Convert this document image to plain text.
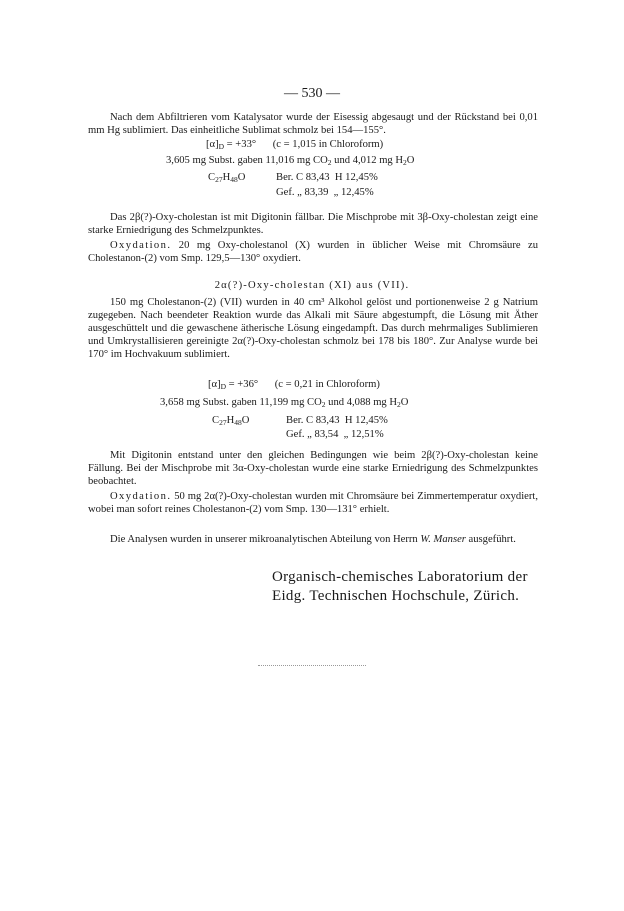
— 530 —

Nach dem Abfiltrieren vom Katalysator wurde der Eisessig abgesaugt und der Rückstand bei 0,01 mm Hg sublimiert. Das einheitliche Sublimat schmolz bei 154—155°.

$[\alpha]_D = +33^\circ$ (c = 1,015 in Chloroform)
3,605 mg Subst. gaben 11,016 mg $CO_2$ und 4,012 mg $H_2O$
$C_{27}H_{48}O$	Ber. C 83,43  H 12,45%
Gef. „ 83,39  „ 12,45%

Das 2β(?)-Oxy-cholestan ist mit Digitonin fällbar. Die Mischprobe mit 3β-Oxy-cholestan zeigt eine starke Erniedrigung des Schmelzpunktes.

Oxydation. 20 mg Oxy-cholestanol (X) wurden in üblicher Weise mit Chromsäure zu Cholestanon-(2) vom Smp. 129,5—130° oxydiert.

2α(?)-Oxy-cholestan (XI) aus (VII).

150 mg Cholestanon-(2) (VII) wurden in 40 cm³ Alkohol gelöst und portionenweise 2 g Natrium zugegeben. Nach beendeter Reaktion wurde das Alkali mit Säure abgestumpft, die Lösung mit Äther ausgeschüttelt und die gewaschene ätherische Lösung eingedampft. Das durch mehrmaliges Sublimieren und Umkrystallisieren gereinigte 2α(?)-Oxy-cholestan schmolz bei 178 bis 180°. Zur Analyse wurde bei 170° im Hochvakuum sublimiert.

$[\alpha]_D = +36^\circ$ (c = 0,21 in Chloroform)
3,658 mg Subst. gaben 11,199 mg $CO_2$ und 4,088 mg $H_2O$
$C_{27}H_{48}O$	Ber. C 83,43  H 12,45%
Gef. „ 83,54  „ 12,51%

Mit Digitonin entstand unter den gleichen Bedingungen wie beim 2β(?)-Oxy-cholestan keine Fällung. Bei der Mischprobe mit 3α-Oxy-cholestan wurde eine starke Erniedrigung des Schmelzpunktes beobachtet.

Oxydation. 50 mg 2α(?)-Oxy-cholestan wurden mit Chromsäure bei Zimmertemperatur oxydiert, wobei man sofort reines Cholestanon-(2) vom Smp. 130—131° erhielt.

Die Analysen wurden in unserer mikroanalytischen Abteilung von Herrn W. Manser ausgeführt.

Organisch-chemisches Laboratorium der
Eidg. Technischen Hochschule, Zürich.
